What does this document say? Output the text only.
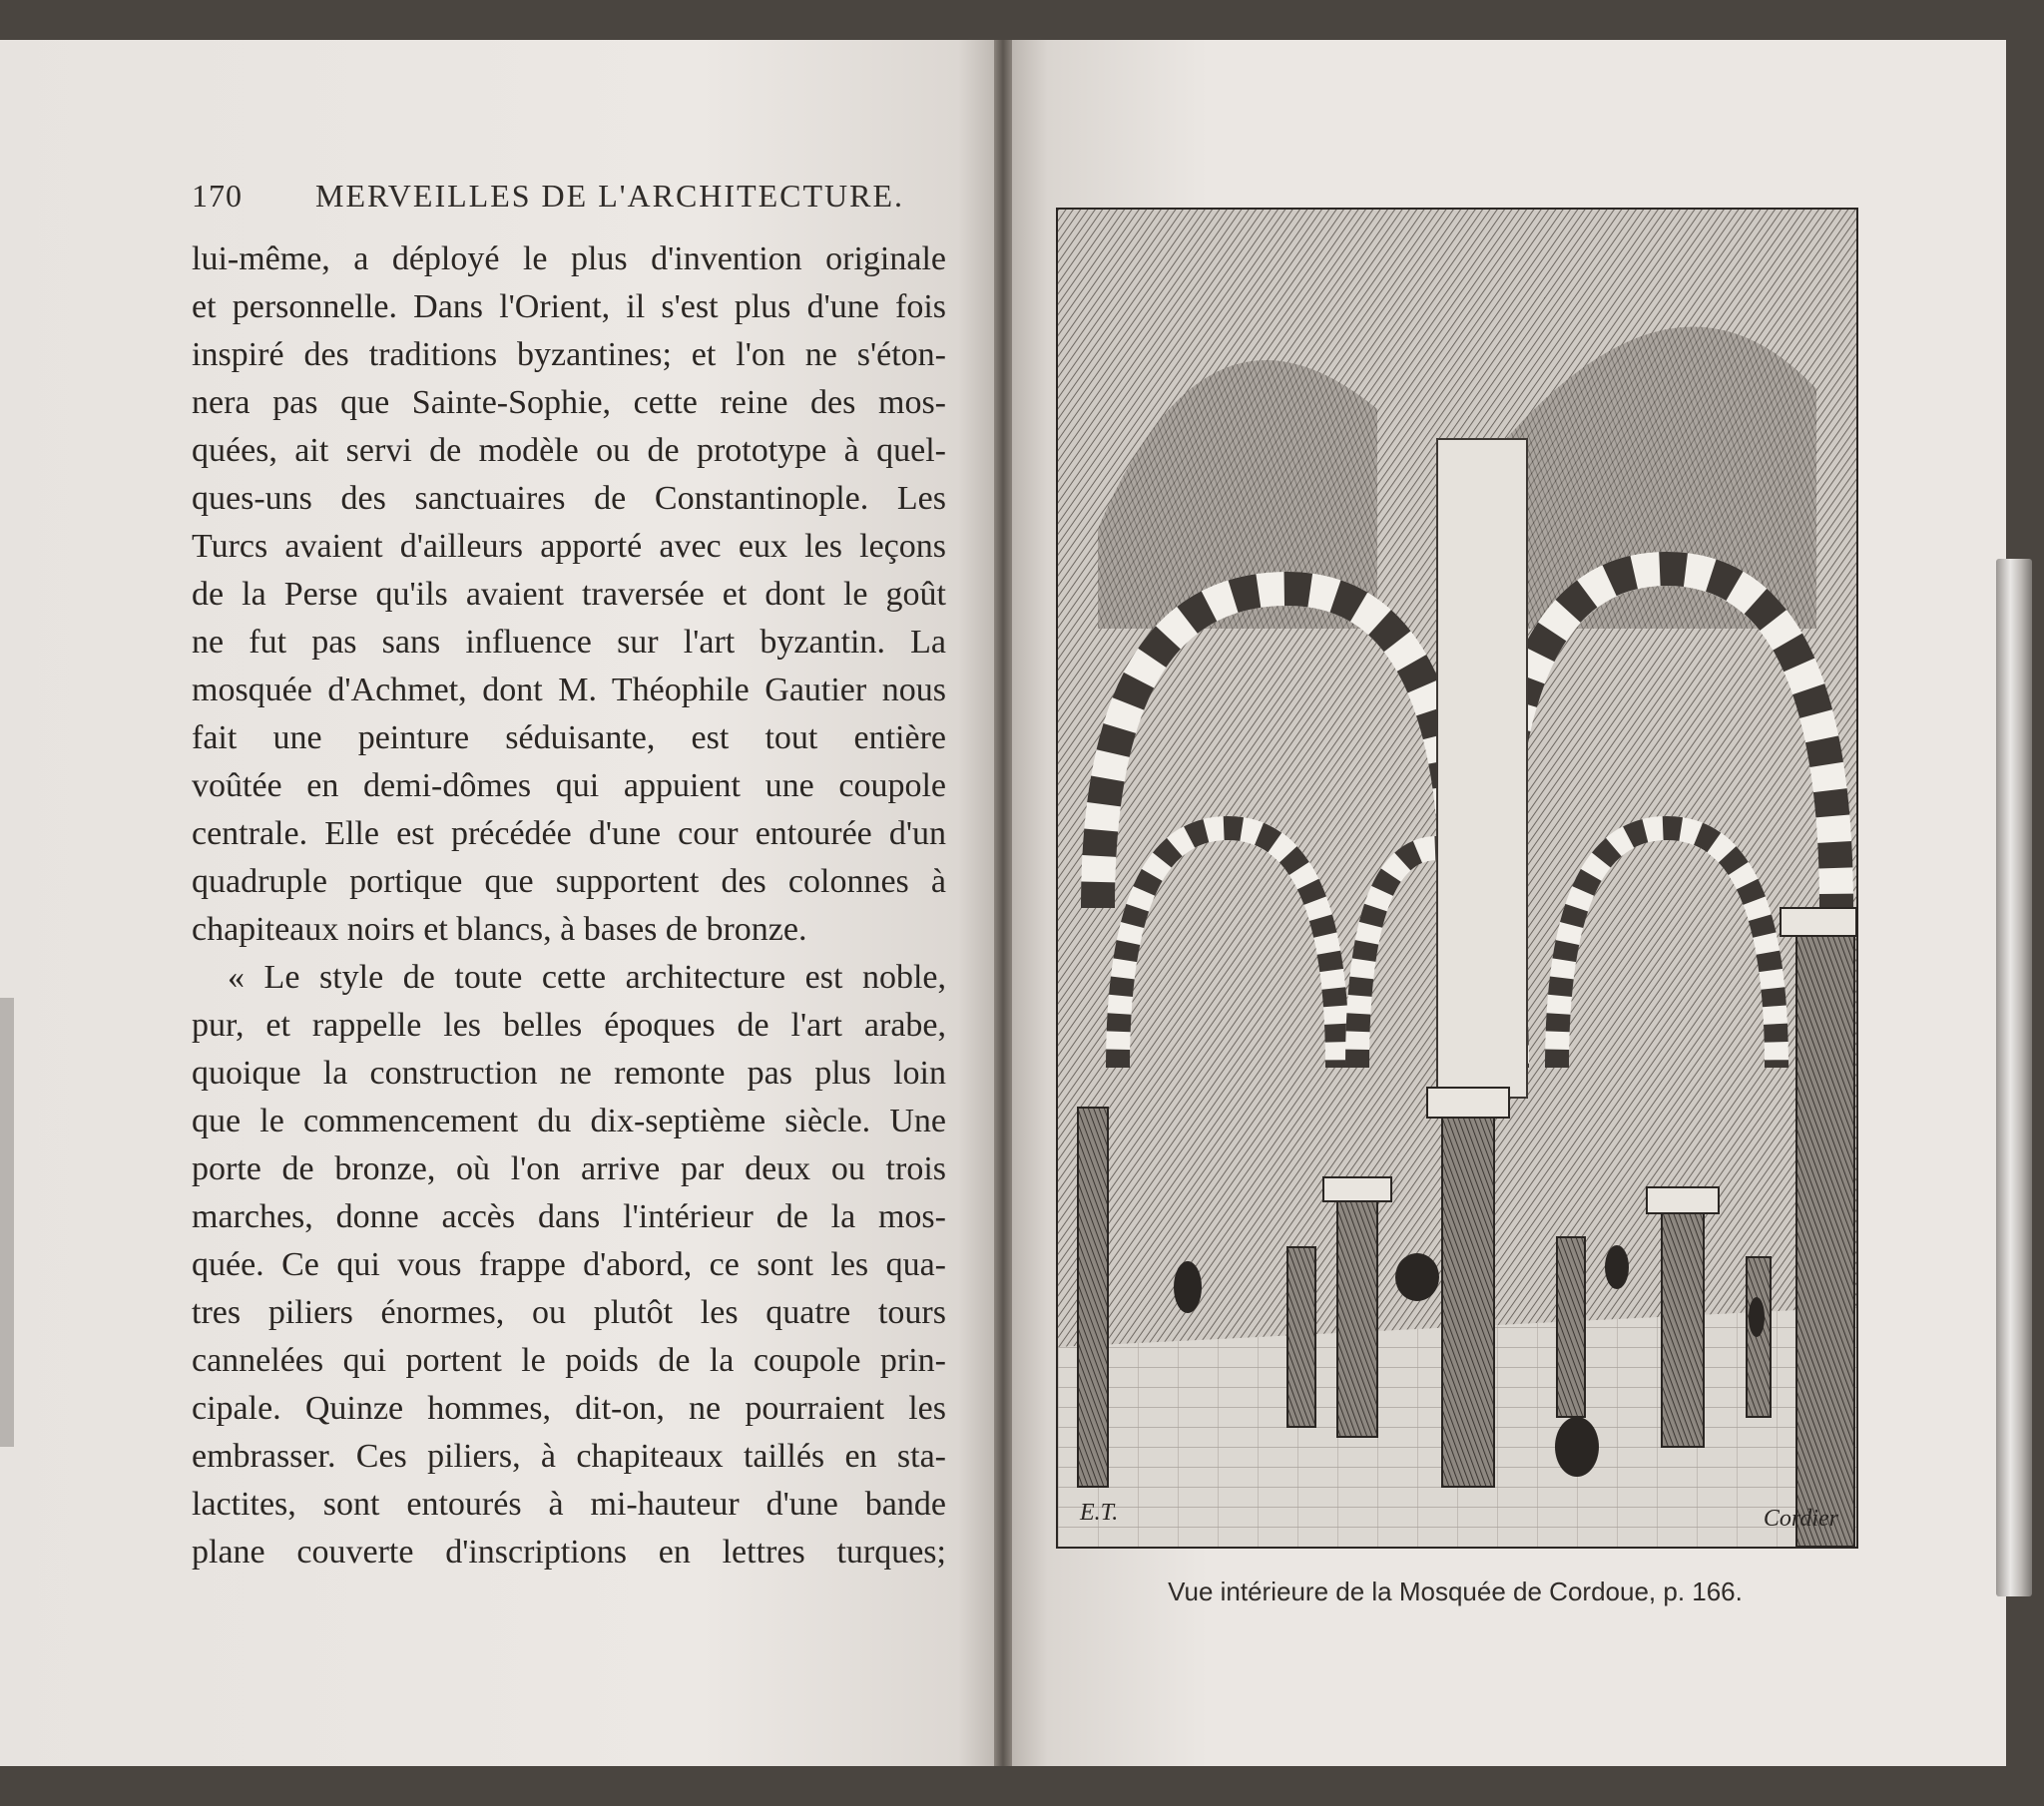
170 MERVEILLES DE L'ARCHITECTURE.
lui-même, a déployé le plus d'invention originale
et personnelle. Dans l'Orient, il s'est plus d'une fois
inspiré des traditions byzantines; et l'on ne s'éton-
nera pas que Sainte-Sophie, cette reine des mos-
quées, ait servi de modèle ou de prototype à quel-
ques-uns des sanctuaires de Constantinople. Les
Turcs avaient d'ailleurs apporté avec eux les leçons
de la Perse qu'ils avaient traversée et dont le goût
ne fut pas sans influence sur l'art byzantin. La
mosquée d'Achmet, dont M. Théophile Gautier nous
fait une peinture séduisante, est tout entière
voûtée en demi-dômes qui appuient une coupole
centrale. Elle est précédée d'une cour entourée d'un
quadruple portique que supportent des colonnes à
chapiteaux noirs et blancs, à bases de bronze.
« Le style de toute cette architecture est noble,
pur, et rappelle les belles époques de l'art arabe,
quoique la construction ne remonte pas plus loin
que le commencement du dix-septième siècle. Une
porte de bronze, où l'on arrive par deux ou trois
marches, donne accès dans l'intérieur de la mos-
quée. Ce qui vous frappe d'abord, ce sont les qua-
tres piliers énormes, ou plutôt les quatre tours
cannelées qui portent le poids de la coupole prin-
cipale. Quinze hommes, dit-on, ne pourraient les
embrasser. Ces piliers, à chapiteaux taillés en sta-
lactites, sont entourés à mi-hauteur d'une bande
plane couverte d'inscriptions en lettres turques;
E.T.	Cordier
Vue intérieure de la Mosquée de Cordoue, p. 166.
